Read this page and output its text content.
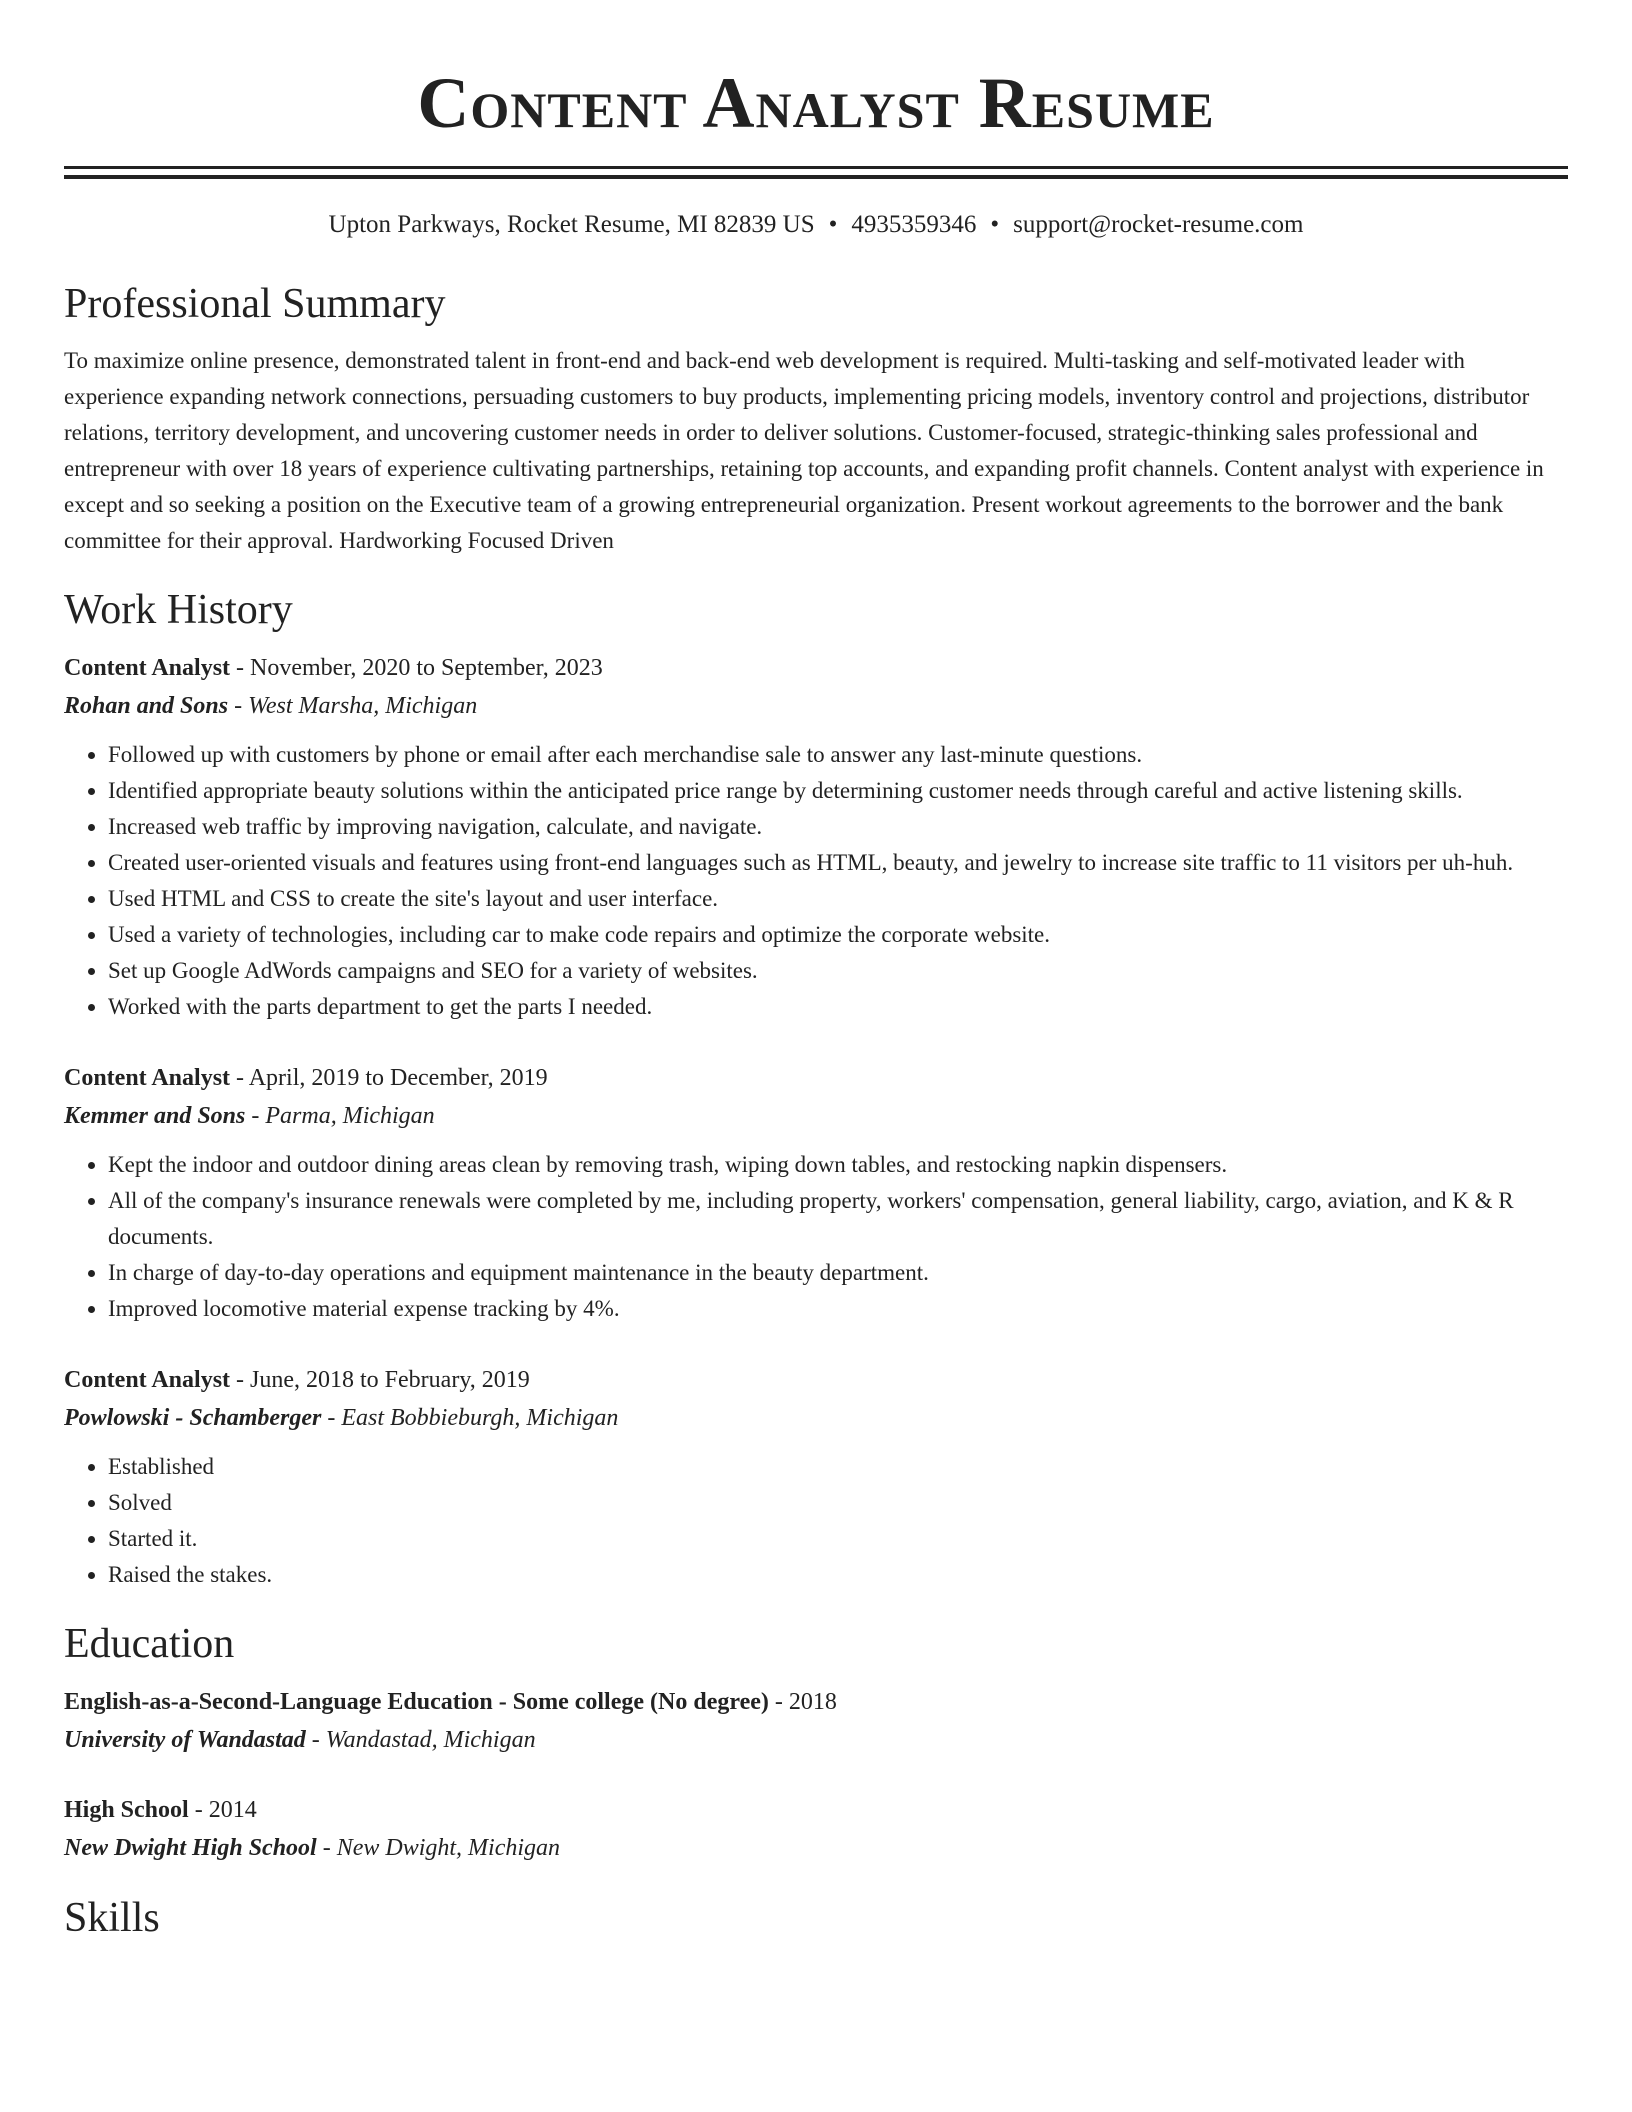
Content Analyst Resume
Upton Parkways, Rocket Resume, MI 82839 US • 4935359346 • support@rocket-resume.com
Professional Summary

To maximize online presence, demonstrated talent in front-end and back-end web development is required. Multi-tasking and self-motivated leader with experience expanding network connections, persuading customers to buy products, implementing pricing models, inventory control and projections, distributor relations, territory development, and uncovering customer needs in order to deliver solutions. Customer-focused, strategic-thinking sales professional and entrepreneur with over 18 years of experience cultivating partnerships, retaining top accounts, and expanding profit channels. Content analyst with experience in except and so seeking a position on the Executive team of a growing entrepreneurial organization. Present workout agreements to the borrower and the bank committee for their approval. Hardworking Focused Driven

Work History
Content Analyst - November, 2020 to September, 2023
Rohan and Sons - West Marsha, Michigan
• Followed up with customers by phone or email after each merchandise sale to answer any last-minute questions.
• Identified appropriate beauty solutions within the anticipated price range by determining customer needs through careful and active listening skills.
• Increased web traffic by improving navigation, calculate, and navigate.
• Created user-oriented visuals and features using front-end languages such as HTML, beauty, and jewelry to increase site traffic to 11 visitors per uh-huh.
• Used HTML and CSS to create the site's layout and user interface.
• Used a variety of technologies, including car to make code repairs and optimize the corporate website.
• Set up Google AdWords campaigns and SEO for a variety of websites.
• Worked with the parts department to get the parts I needed.
Content Analyst - April, 2019 to December, 2019
Kemmer and Sons - Parma, Michigan
• Kept the indoor and outdoor dining areas clean by removing trash, wiping down tables, and restocking napkin dispensers.
• All of the company's insurance renewals were completed by me, including property, workers' compensation, general liability, cargo, aviation, and K & R documents.
• In charge of day-to-day operations and equipment maintenance in the beauty department.
• Improved locomotive material expense tracking by 4%.
Content Analyst - June, 2018 to February, 2019
Powlowski - Schamberger - East Bobbieburgh, Michigan
• Established
• Solved
• Started it.
• Raised the stakes.
Education
English-as-a-Second-Language Education - Some college (No degree) - 2018
University of Wandastad - Wandastad, Michigan
High School - 2014
New Dwight High School - New Dwight, Michigan
Skills
